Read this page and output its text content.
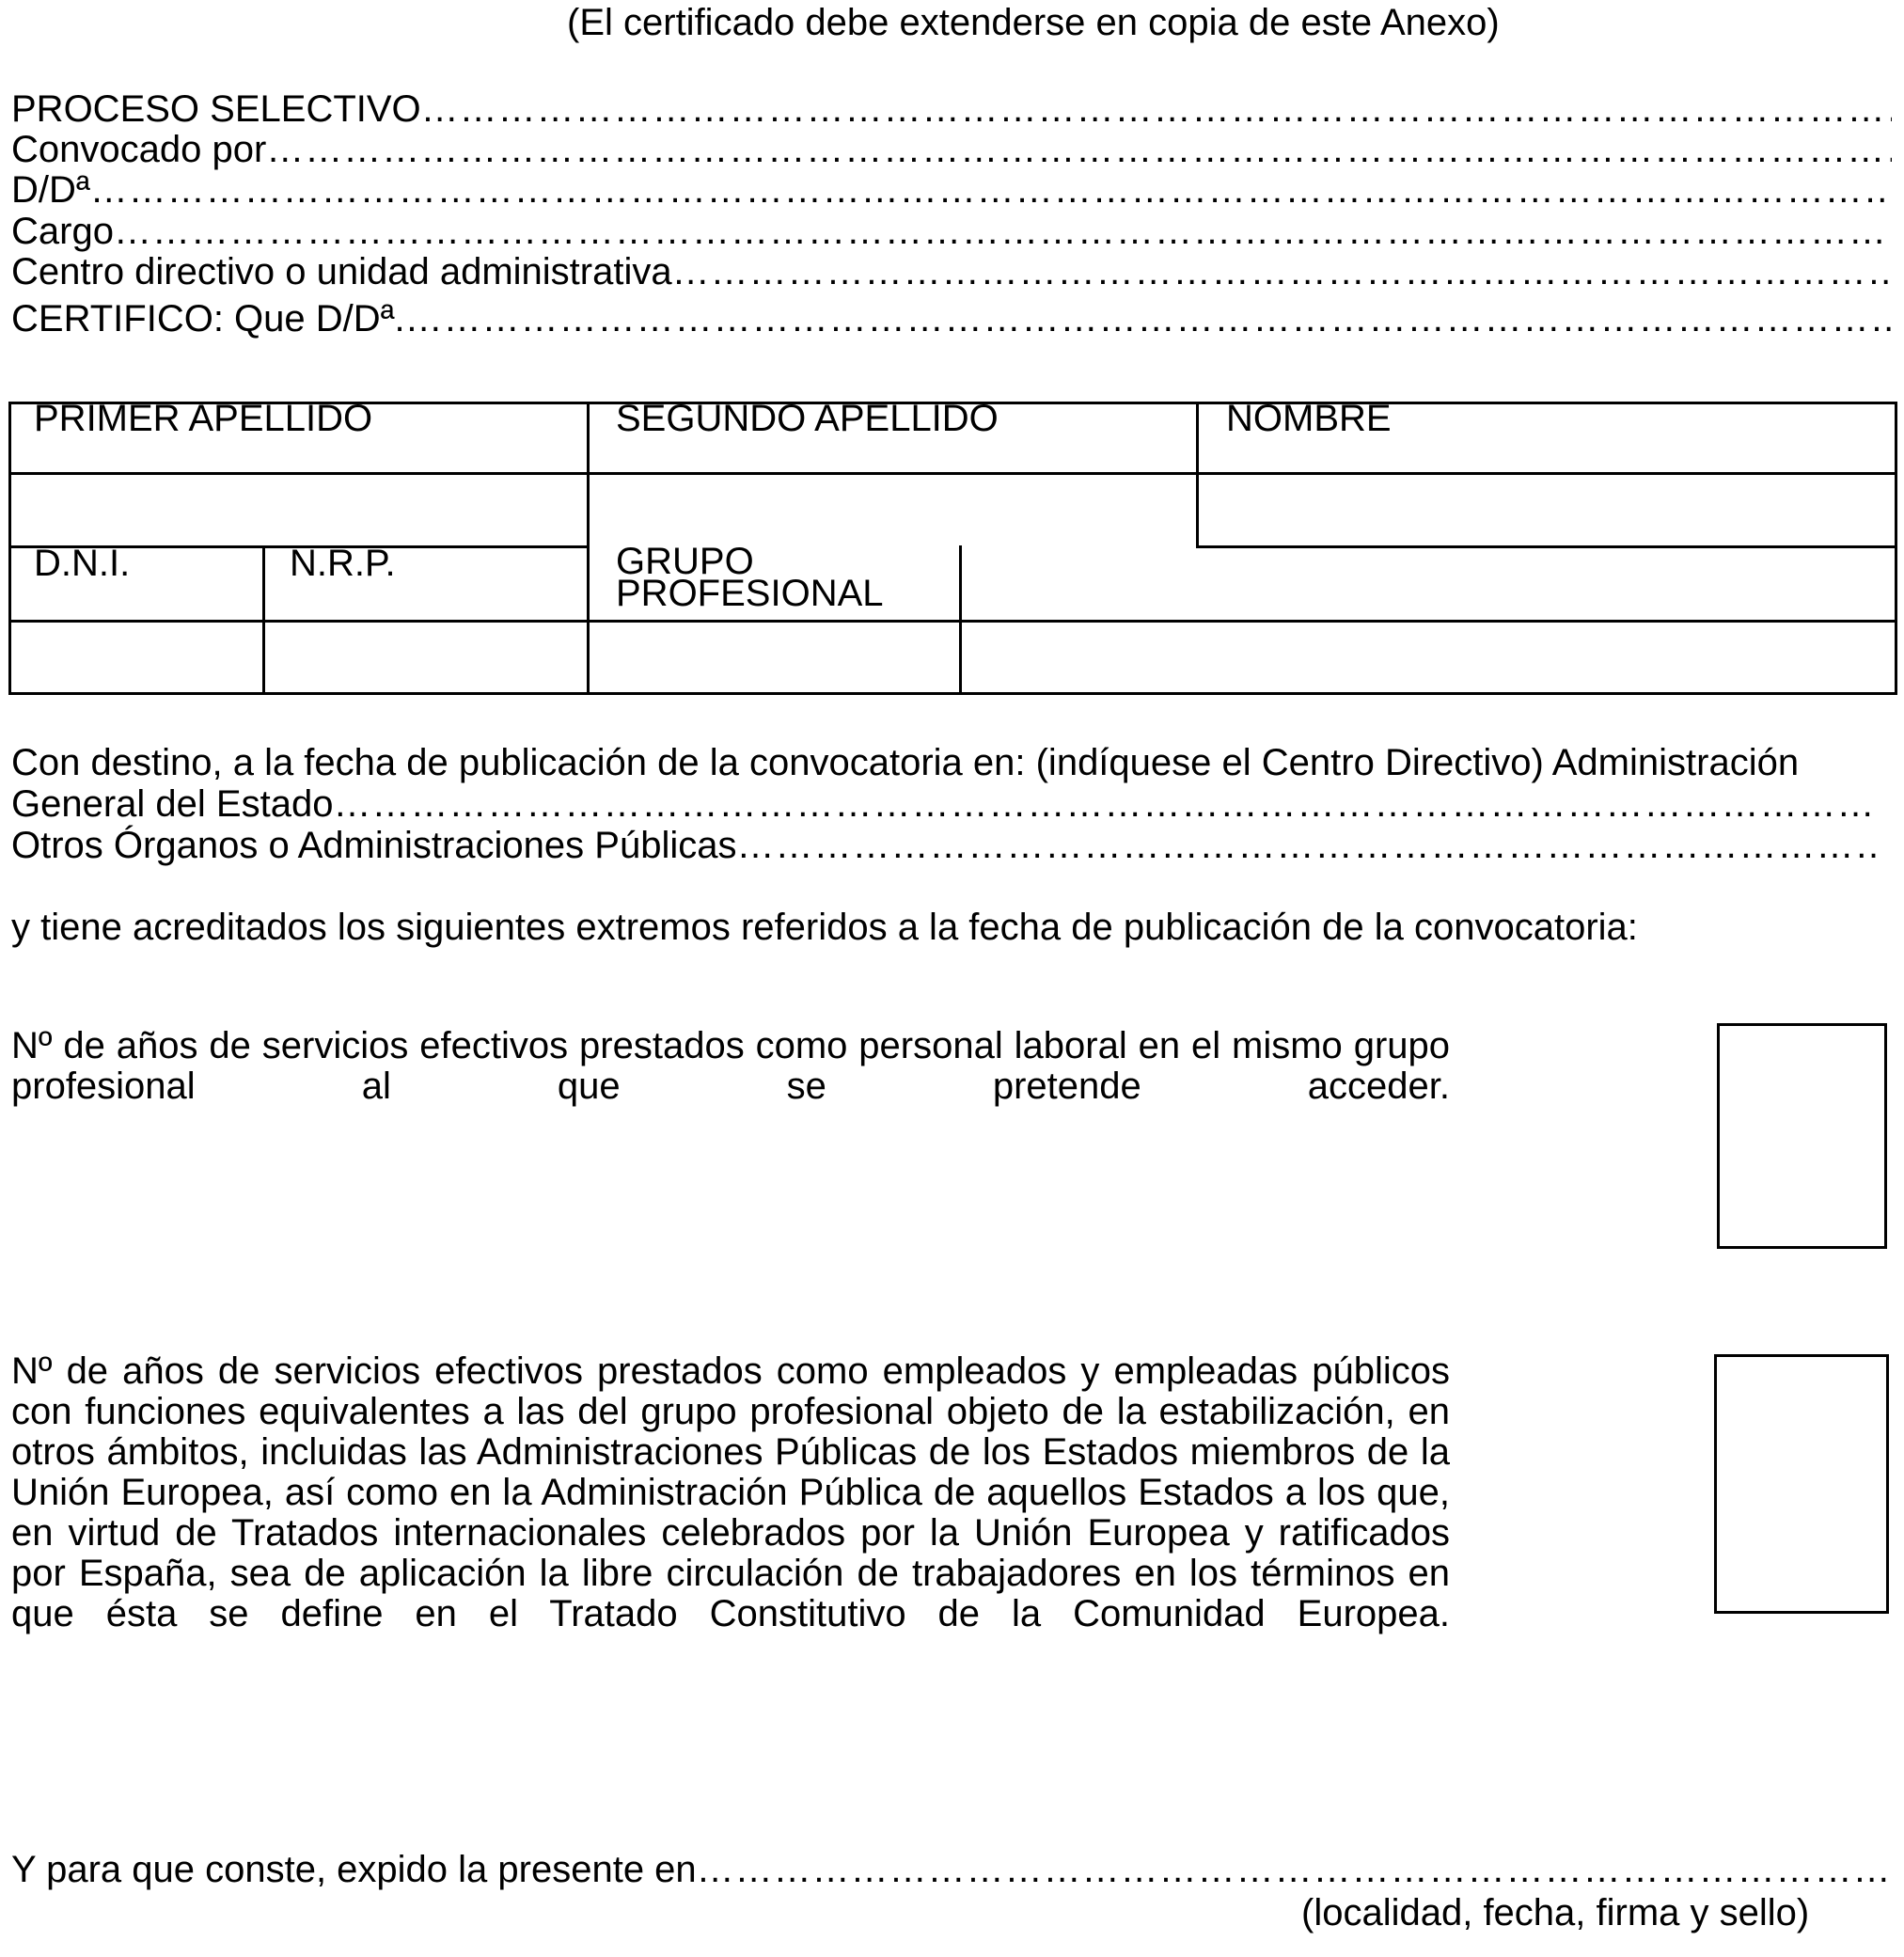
(El certificado debe extenderse en copia de este Anexo)
PROCESO SELECTIVO
……………………………………………………………………………………………………………………………………………………………………………………………………………………………………………
Convocado por
……………………………………………………………………………………………………………………………………………………………………………………………………………………………………………
D/Dª
……………………………………………………………………………………………………………………………………………………………………………………………………………………………………………
Cargo
……………………………………………………………………………………………………………………………………………………………………………………………………………………………………………
Centro directivo o unidad administrativa
……………………………………………………………………………………………………………………………………………………………………………………………………………………………………………
CERTIFICO: Que D/Dª.
……………………………………………………………………………………………………………………………………………………………………………………………………………………………………………
PRIMER APELLIDO	SEGUNDO APELLIDO	NOMBRE
D.N.I.	N.R.P.	GRUPO
PROFESIONAL
Con destino, a la fecha de publicación de la convocatoria en: (indíquese el Centro Directivo) Administración
General del Estado
……………………………………………………………………………………………………………………………………………………………………………………………………………………………………………
Otros Órganos o Administraciones Públicas
……………………………………………………………………………………………………………………………………………………………………………………………………………………………………………
y tiene acreditados los siguientes extremos referidos a la fecha de publicación de la convocatoria:
Nº de años de servicios efectivos prestados como personal laboral en el mismo grupo profesional al que se pretende acceder.
Nº de años de servicios efectivos prestados como empleados y empleadas públicos con funciones equivalentes a las del grupo profesional objeto de la estabilización, en otros ámbitos, incluidas las Administraciones Públicas de los Estados miembros de la Unión Europea, así como en la Administración Pública de aquellos Estados a los que, en virtud de Tratados internacionales celebrados por la Unión Europea y ratificados por España, sea de aplicación la libre circulación de trabajadores en los términos en que ésta se define en el Tratado Constitutivo de la Comunidad Europea.
Y para que conste, expido la presente en
……………………………………………………………………………………………………………………………………………………………………………………………………………………………………………
(localidad, fecha, firma y sello)
